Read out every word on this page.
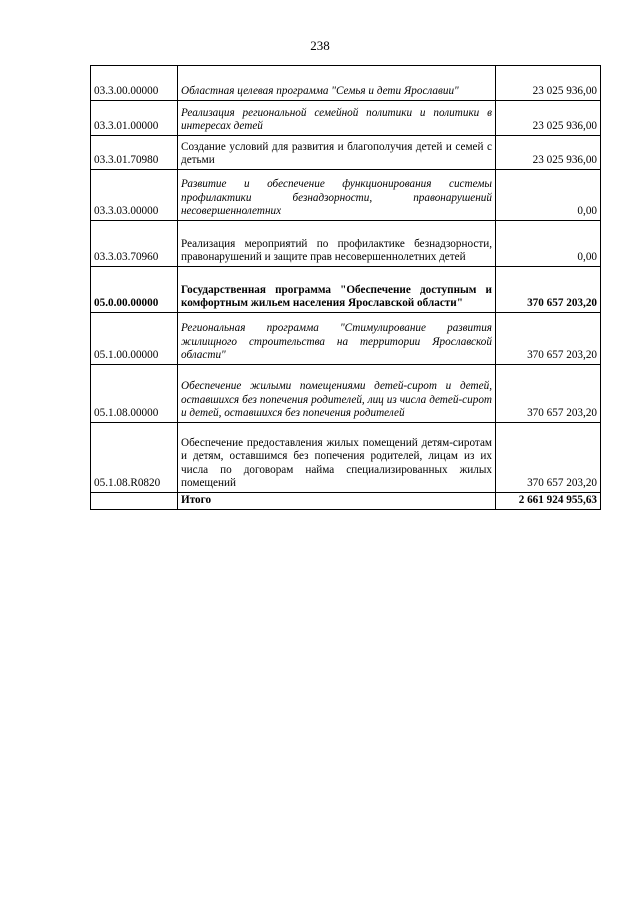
238
03.3.00.00000	Областная целевая программа "Семья и дети Ярославии"	23 025 936,00
03.3.01.00000	Реализация региональной семейной политики и политики в интересах детей	23 025 936,00
03.3.01.70980	Создание условий для развития и благополучия детей и семей с детьми	23 025 936,00
03.3.03.00000	Развитие и обеспечение функционирования системы профилактики безнадзорности, правонарушений несовершеннолетних	0,00
03.3.03.70960	Реализация мероприятий по профилактике безнадзорности, правонарушений и защите прав несовершеннолетних детей	0,00
05.0.00.00000	Государственная программа "Обеспечение доступным и комфортным жильем населения Ярославской области"	370 657 203,20
05.1.00.00000	Региональная программа "Стимулирование развития жилищного строительства на территории Ярославской области"	370 657 203,20
05.1.08.00000	Обеспечение жилыми помещениями детей-сирот и детей, оставшихся без попечения родителей, лиц из числа детей-сирот и детей, оставшихся без попечения родителей	370 657 203,20
05.1.08.R0820	Обеспечение предоставления жилых помещений детям-сиротам и детям, оставшимся без попечения родителей, лицам из их числа по договорам найма специализированных жилых помещений	370 657 203,20
	Итого	2 661 924 955,63
